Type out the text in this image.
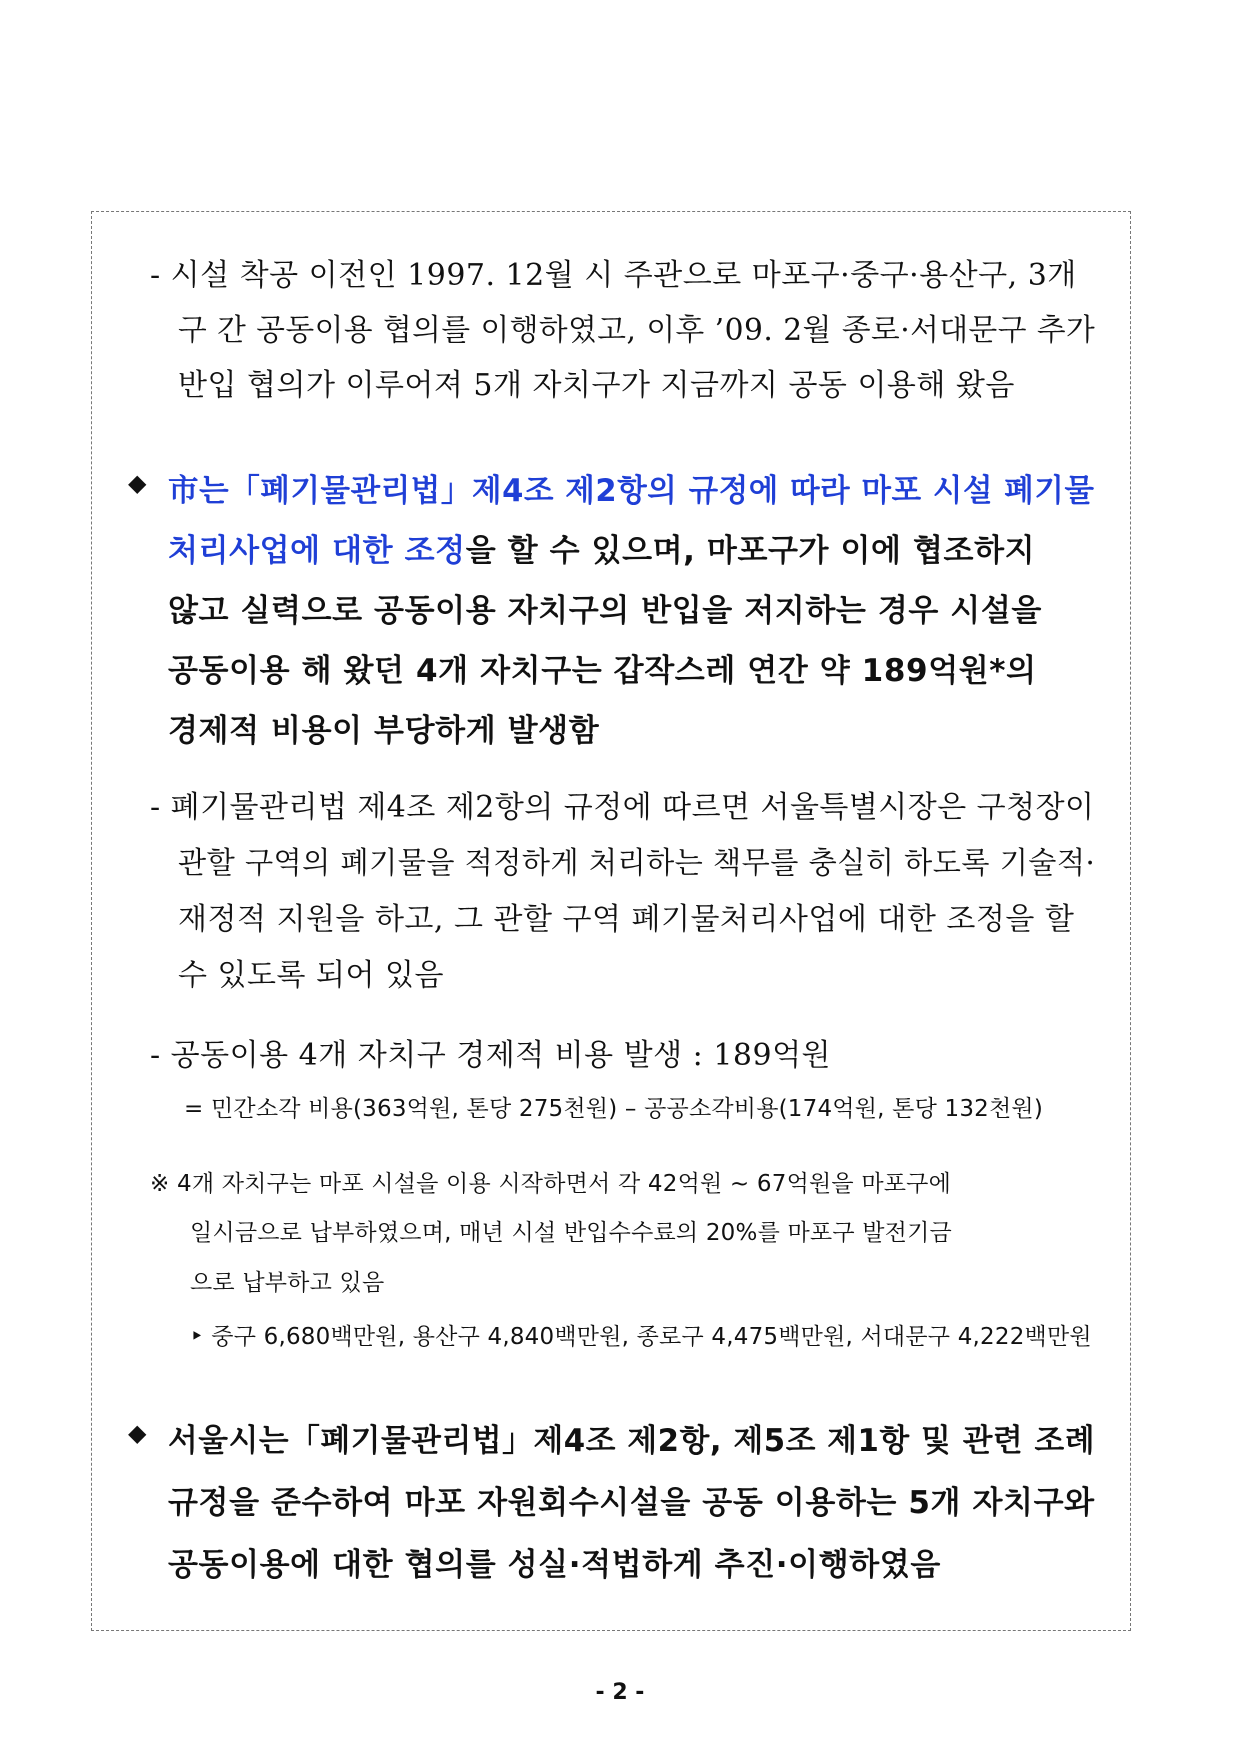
- 시설 착공 이전인 1997. 12월 시 주관으로 마포구·중구·용산구, 3개
구 간 공동이용 협의를 이행하였고, 이후 ’09. 2월 종로·서대문구 추가
반입 협의가 이루어져 5개 자치구가 지금까지 공동 이용해 왔음
◆ 市는「폐기물관리법」제4조 제2항의 규정에 따라 마포 시설 폐기물
처리사업에 대한 조정을 할 수 있으며, 마포구가 이에 협조하지
않고 실력으로 공동이용 자치구의 반입을 저지하는 경우 시설을
공동이용 해 왔던 4개 자치구는 갑작스레 연간 약 189억원*의
경제적 비용이 부당하게 발생함
- 폐기물관리법 제4조 제2항의 규정에 따르면 서울특별시장은 구청장이
관할 구역의 폐기물을 적정하게 처리하는 책무를 충실히 하도록 기술적·
재정적 지원을 하고, 그 관할 구역 폐기물처리사업에 대한 조정을 할
수 있도록 되어 있음
- 공동이용 4개 자치구 경제적 비용 발생 : 189억원
= 민간소각 비용(363억원, 톤당 275천원) – 공공소각비용(174억원, 톤당 132천원)
※ 4개 자치구는 마포 시설을 이용 시작하면서 각 42억원 ~ 67억원을 마포구에
일시금으로 납부하였으며, 매년 시설 반입수수료의 20%를 마포구 발전기금
으로 납부하고 있음
‣ 중구 6,680백만원, 용산구 4,840백만원, 종로구 4,475백만원, 서대문구 4,222백만원
◆ 서울시는「폐기물관리법」제4조 제2항, 제5조 제1항 및 관련 조례
규정을 준수하여 마포 자원회수시설을 공동 이용하는 5개 자치구와
공동이용에 대한 협의를 성실·적법하게 추진·이행하였음
- 2 -
